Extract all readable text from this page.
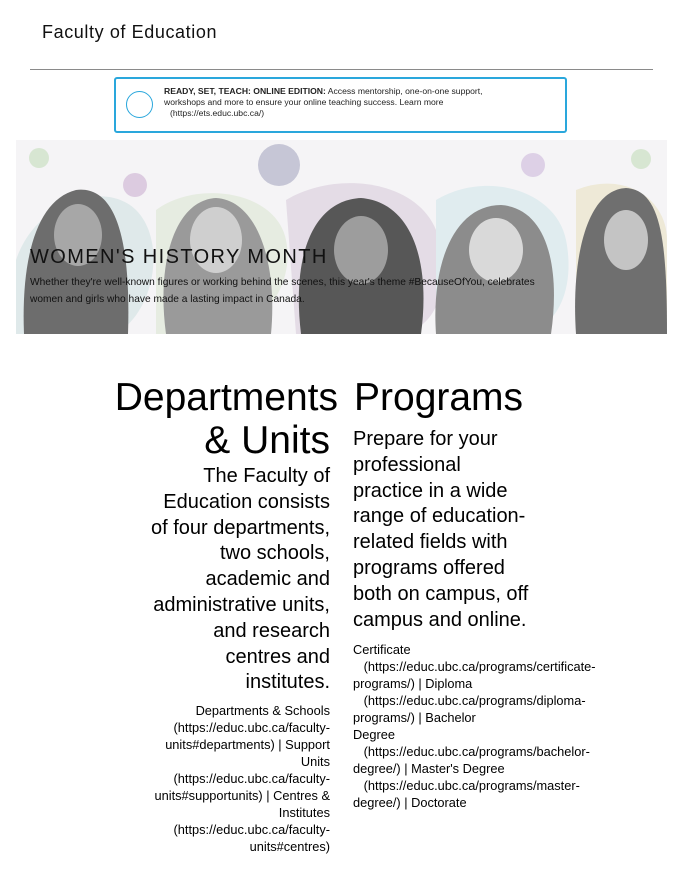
Faculty of Education
READY, SET, TEACH: ONLINE EDITION: Access mentorship, one-on-one support, workshops and more to ensure your online teaching success. Learn more
(https://ets.educ.ubc.ca/)
WOMEN'S HISTORY MONTH
Whether they're well-known figures or working behind the scenes, this year's theme #BecauseOfYou, celebrates women and girls who have made a lasting impact in Canada.
Departments
& Units
The Faculty of Education consists of four departments, two schools, academic and administrative units, and research centres and institutes.
Departments & Schools (https://educ.ubc.ca/faculty-units#departments) | Support Units (https://educ.ubc.ca/faculty-units#supportunits) | Centres & Institutes (https://educ.ubc.ca/faculty-units#centres)
Programs
Prepare for your professional practice in a wide range of education-related fields with programs offered both on campus, off campus and online.
Certificate
(https://educ.ubc.ca/programs/certificate-
programs/) | Diploma
(https://educ.ubc.ca/programs/diploma-
programs/) | Bachelor
Degree
(https://educ.ubc.ca/programs/bachelor-
degree/) | Master's Degree
(https://educ.ubc.ca/programs/master-
degree/) | Doctorate
